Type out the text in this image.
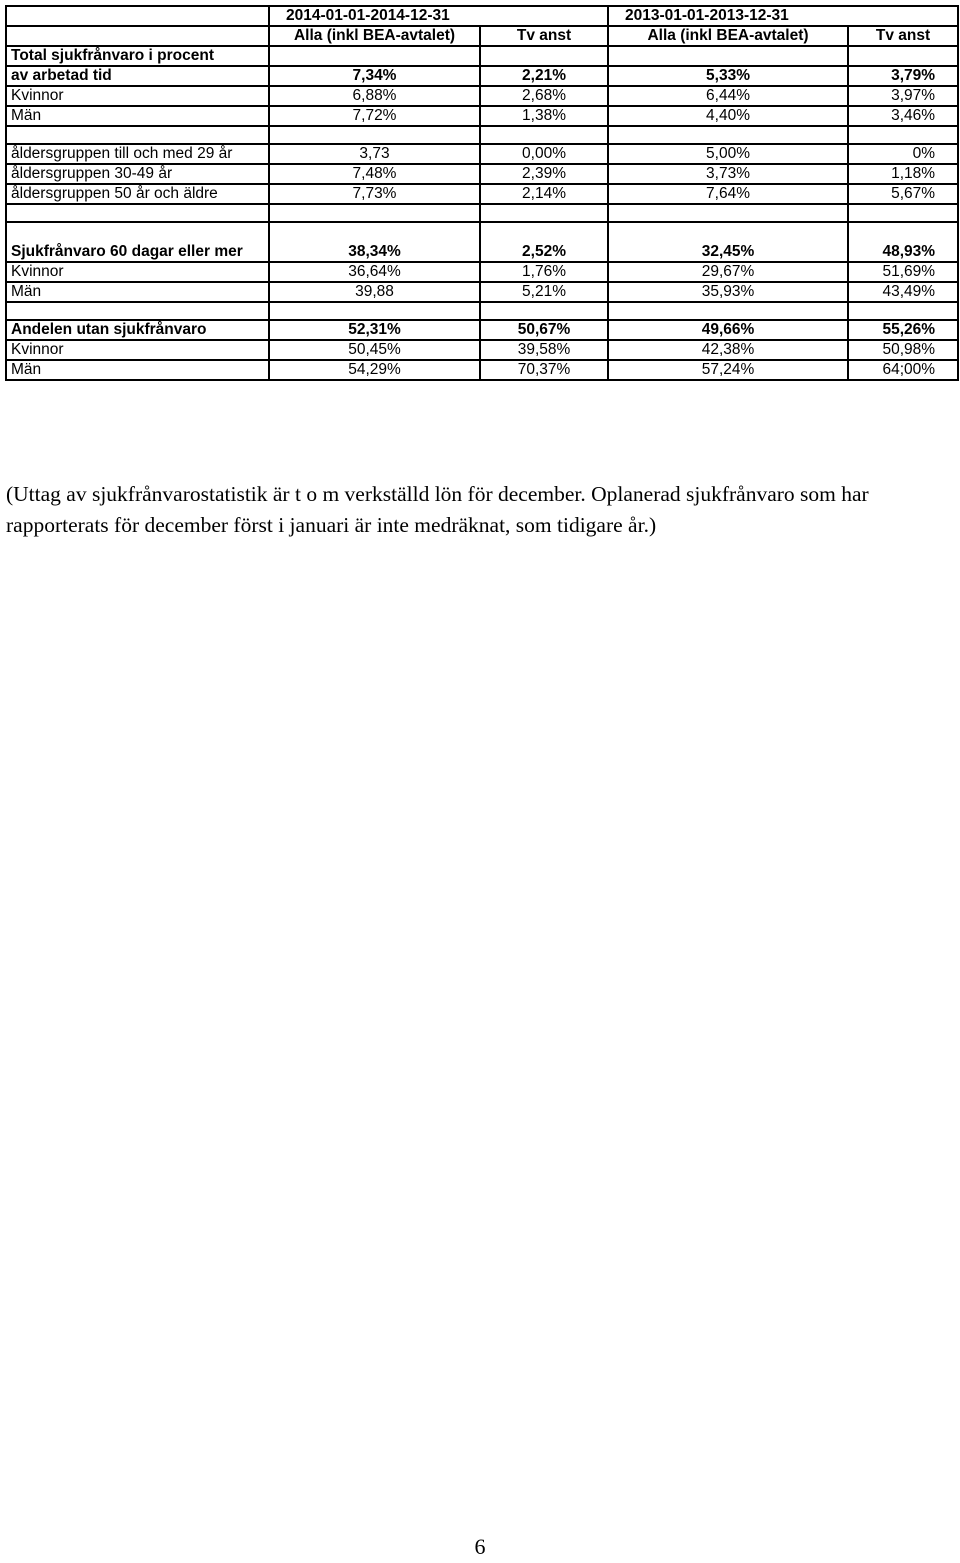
	2014-01-01-2014-12-31		2013-01-01-2013-12-31	
	Alla (inkl BEA-avtalet)	Tv anst	Alla (inkl BEA-avtalet)	Tv anst
Total sjukfrånvaro i procent				
av arbetad tid	7,34%	2,21%	5,33%	3,79%
Kvinnor	6,88%	2,68%	6,44%	3,97%
Män	7,72%	1,38%	4,40%	3,46%

åldersgruppen till och med 29 år	3,73	0,00%	5,00%	0%
åldersgruppen 30-49 år	7,48%	2,39%	3,73%	1,18%
åldersgruppen 50 år och äldre	7,73%	2,14%	7,64%	5,67%

Sjukfrånvaro 60 dagar eller mer	38,34%	2,52%	32,45%	48,93%
Kvinnor	36,64%	1,76%	29,67%	51,69%
Män	39,88	5,21%	35,93%	43,49%

Andelen utan sjukfrånvaro	52,31%	50,67%	49,66%	55,26%
Kvinnor	50,45%	39,58%	42,38%	50,98%
Män	54,29%	70,37%	57,24%	64;00%

(Uttag av sjukfrånvarostatistik är t o m verkställd lön för december. Oplanerad sjukfrånvaro som har rapporterats för december först i januari är inte medräknat, som tidigare år.)

6
